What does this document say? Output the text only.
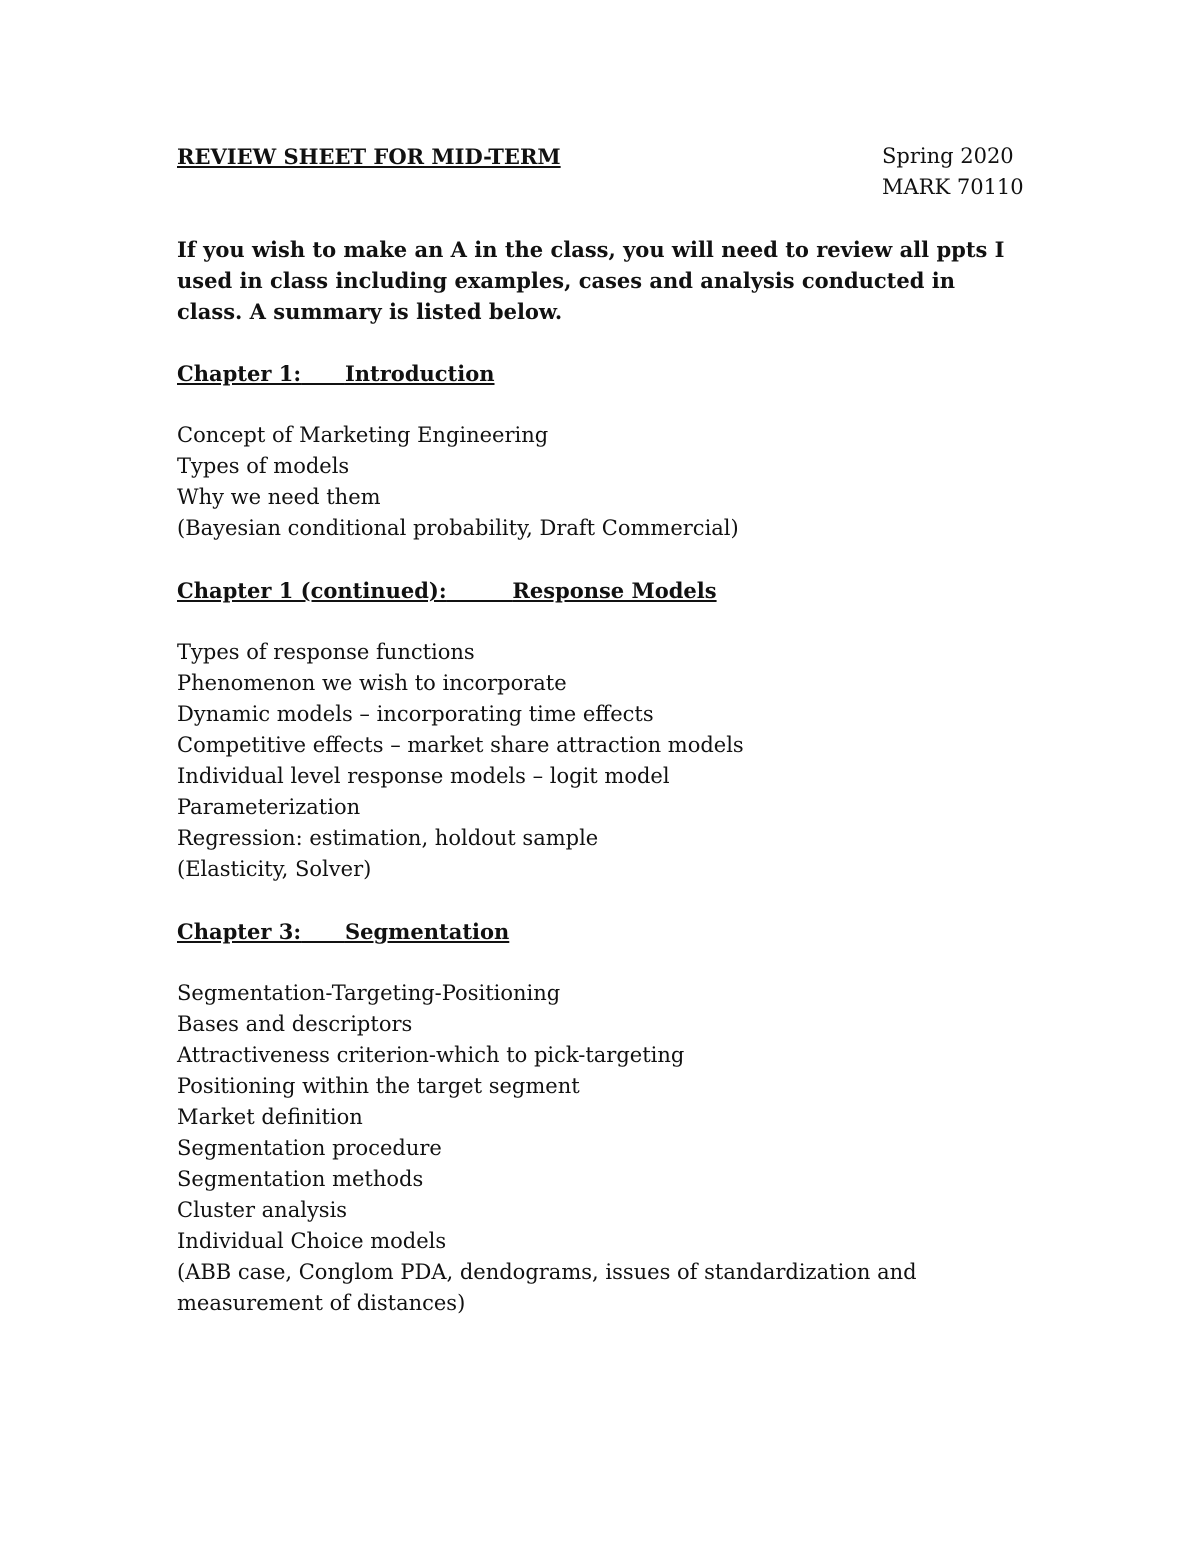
REVIEW SHEET FOR MID-TERM	Spring 2020
MARK 70110
If you wish to make an A in the class, you will need to review all ppts I used in class including examples, cases and analysis conducted in class. A summary is listed below.
Chapter 1: Introduction
Concept of Marketing Engineering
Types of models
Why we need them
(Bayesian conditional probability, Draft Commercial)
Chapter 1 (continued):	Response Models
Types of response functions
Phenomenon we wish to incorporate
Dynamic models – incorporating time effects
Competitive effects – market share attraction models
Individual level response models – logit model
Parameterization
Regression: estimation, holdout sample
(Elasticity, Solver)
Chapter 3: Segmentation
Segmentation-Targeting-Positioning
Bases and descriptors
Attractiveness criterion-which to pick-targeting
Positioning within the target segment
Market definition
Segmentation procedure
Segmentation methods
Cluster analysis
Individual Choice models
(ABB case, Conglom PDA, dendograms, issues of standardization and measurement of distances)
